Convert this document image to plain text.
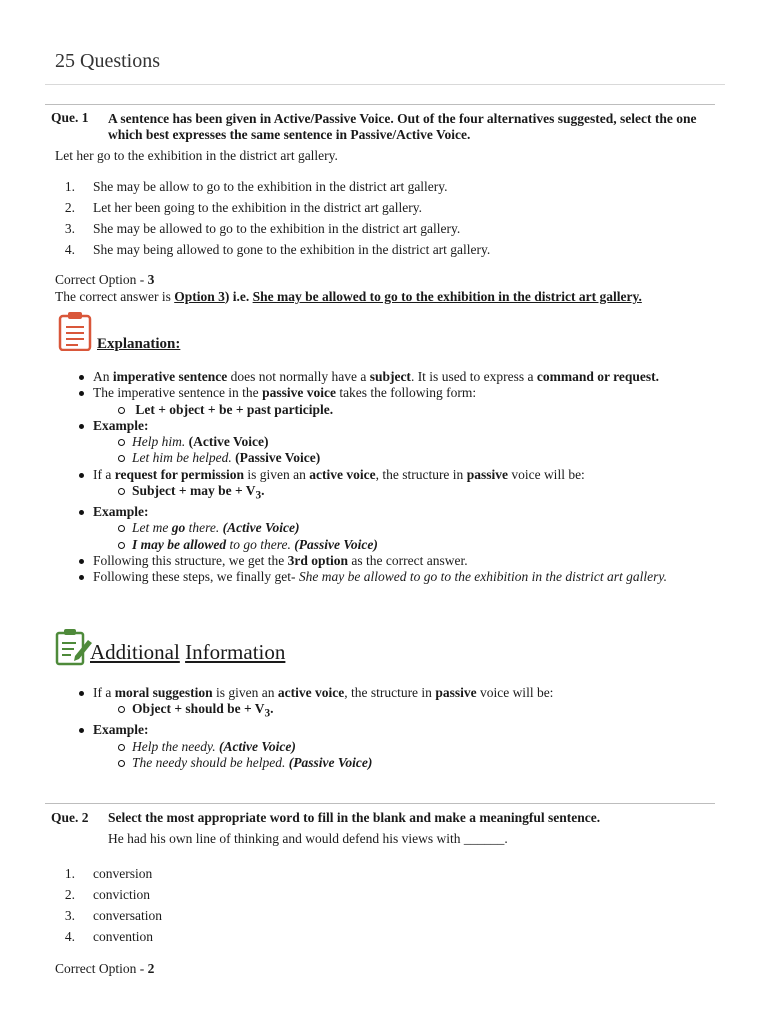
25 Questions
Que. 1 A sentence has been given in Active/Passive Voice. Out of the four alternatives suggested, select the one which best expresses the same sentence in Passive/Active Voice.
Let her go to the exhibition in the district art gallery.
1. She may be allow to go to the exhibition in the district art gallery.
2. Let her been going to the exhibition in the district art gallery.
3. She may be allowed to go to the exhibition in the district art gallery.
4. She may being allowed to gone to the exhibition in the district art gallery.
Correct Option - 3
The correct answer is Option 3) i.e. She may be allowed to go to the exhibition in the district art gallery.
Explanation:
An imperative sentence does not normally have a subject. It is used to express a command or request.
The imperative sentence in the passive voice takes the following form:
Let + object + be + past participle.
Example:
Help him. (Active Voice)
Let him be helped. (Passive Voice)
If a request for permission is given an active voice, the structure in passive voice will be:
Subject + may be + $V_3$.
Example:
Let me go there. (Active Voice)
I may be allowed to go there. (Passive Voice)
Following this structure, we get the 3rd option as the correct answer.
Following these steps, we finally get- She may be allowed to go to the exhibition in the district art gallery.
Additional Information
If a moral suggestion is given an active voice, the structure in passive voice will be:
Object + should be + $V_3$.
Example:
Help the needy. (Active Voice)
The needy should be helped. (Passive Voice)
Que. 2 Select the most appropriate word to fill in the blank and make a meaningful sentence.
He had his own line of thinking and would defend his views with ______.
1. conversion
2. conviction
3. conversation
4. convention
Correct Option - 2
